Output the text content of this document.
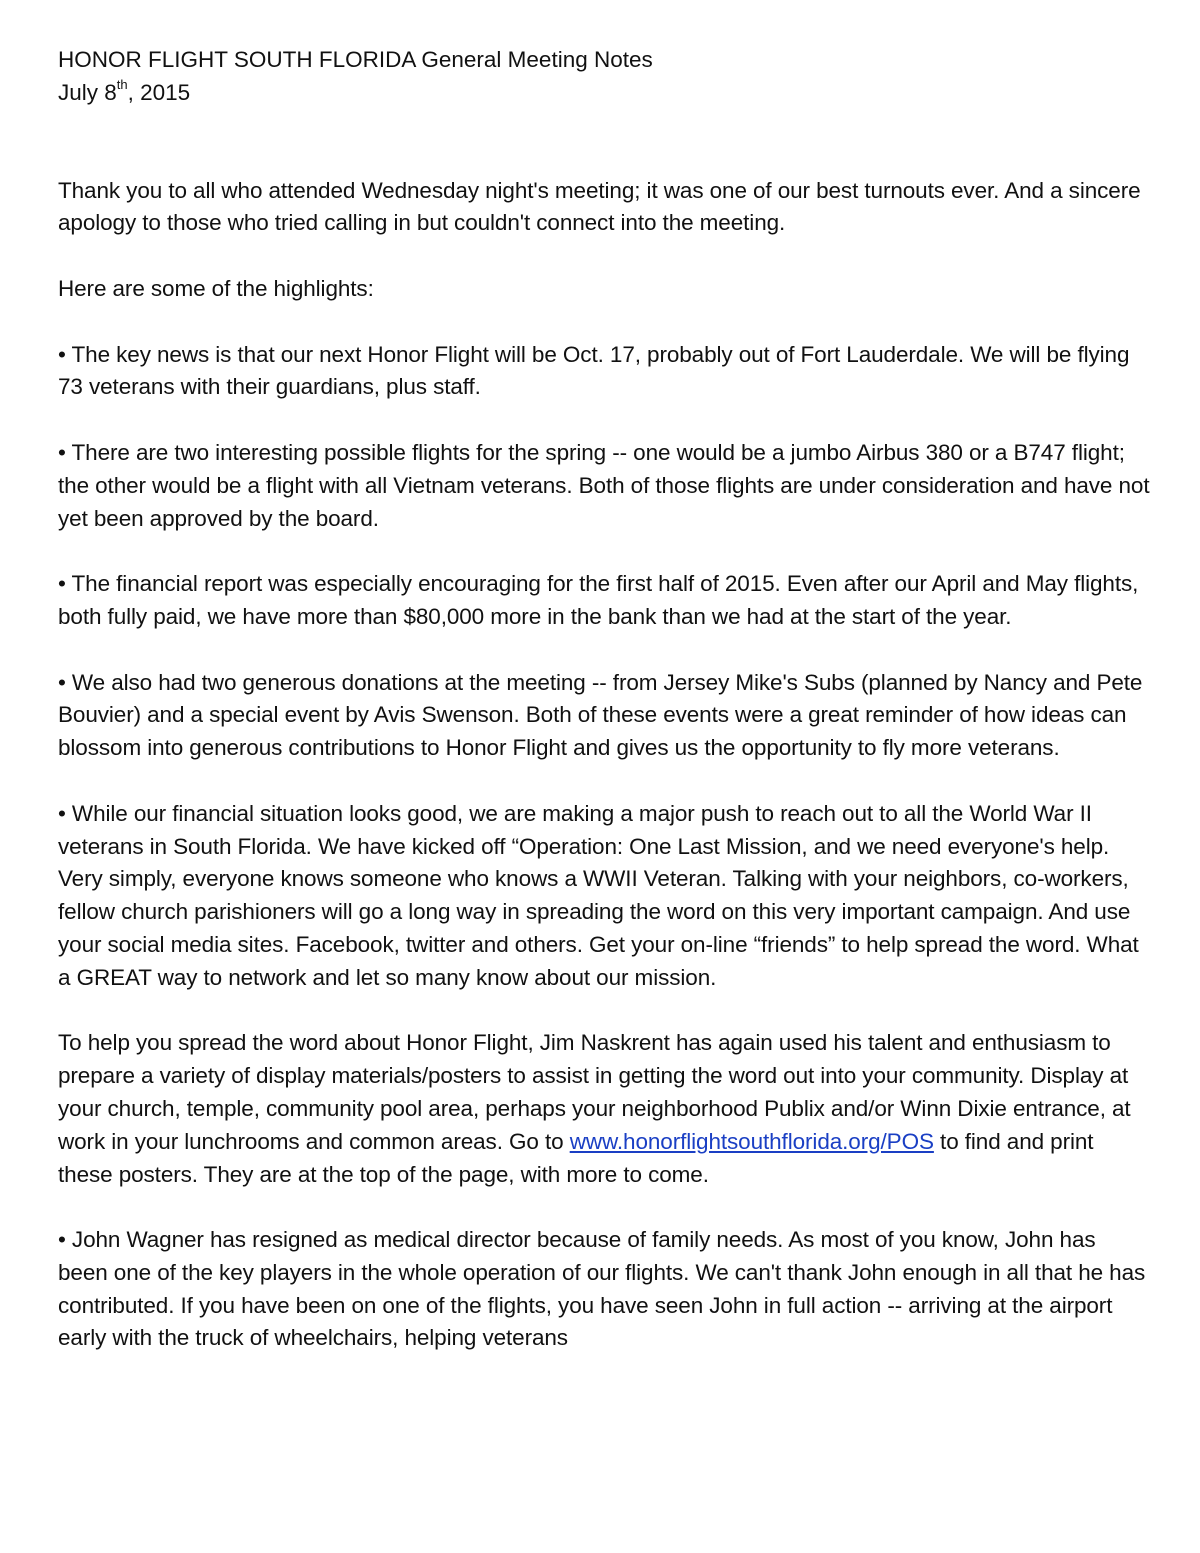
HONOR FLIGHT SOUTH FLORIDA General Meeting Notes

July 8th, 2015

Thank you to all who attended Wednesday night's meeting; it was one of our best turnouts ever. And a sincere apology to those who tried calling in but couldn't connect into the meeting.

Here are some of the highlights:

• The key news is that our next Honor Flight will be Oct. 17, probably out of Fort Lauderdale. We will be flying 73 veterans with their guardians, plus staff.

• There are two interesting possible flights for the spring -- one would be a jumbo Airbus 380 or a B747 flight; the other would be a flight with all Vietnam veterans. Both of those flights are under consideration and have not yet been approved by the board.

• The financial report was especially encouraging for the first half of 2015. Even after our April and May flights, both fully paid, we have more than $80,000 more in the bank than we had at the start of the year.

• We also had two generous donations at the meeting -- from Jersey Mike's Subs (planned by Nancy and Pete Bouvier) and a special event by Avis Swenson. Both of these events were a great reminder of how ideas can blossom into generous contributions to Honor Flight and gives us the opportunity to fly more veterans.

• While our financial situation looks good, we are making a major push to reach out to all the World War II veterans in South Florida. We have kicked off “Operation: One Last Mission, and we need everyone's help. Very simply, everyone knows someone who knows a WWII Veteran. Talking with your neighbors, co-workers, fellow church parishioners will go a long way in spreading the word on this very important campaign. And use your social media sites. Facebook, twitter and others. Get your on-line “friends” to help spread the word. What a GREAT way to network and let so many know about our mission.

To help you spread the word about Honor Flight, Jim Naskrent has again used his talent and enthusiasm to prepare a variety of display materials/posters to assist in getting the word out into your community. Display at your church, temple, community pool area, perhaps your neighborhood Publix and/or Winn Dixie entrance, at work in your lunchrooms and common areas. Go to www.honorflightsouthflorida.org/POS to find and print these posters. They are at the top of the page, with more to come.

• John Wagner has resigned as medical director because of family needs. As most of you know, John has been one of the key players in the whole operation of our flights. We can't thank John enough in all that he has contributed. If you have been on one of the flights, you have seen John in full action -- arriving at the airport early with the truck of wheelchairs, helping veterans
